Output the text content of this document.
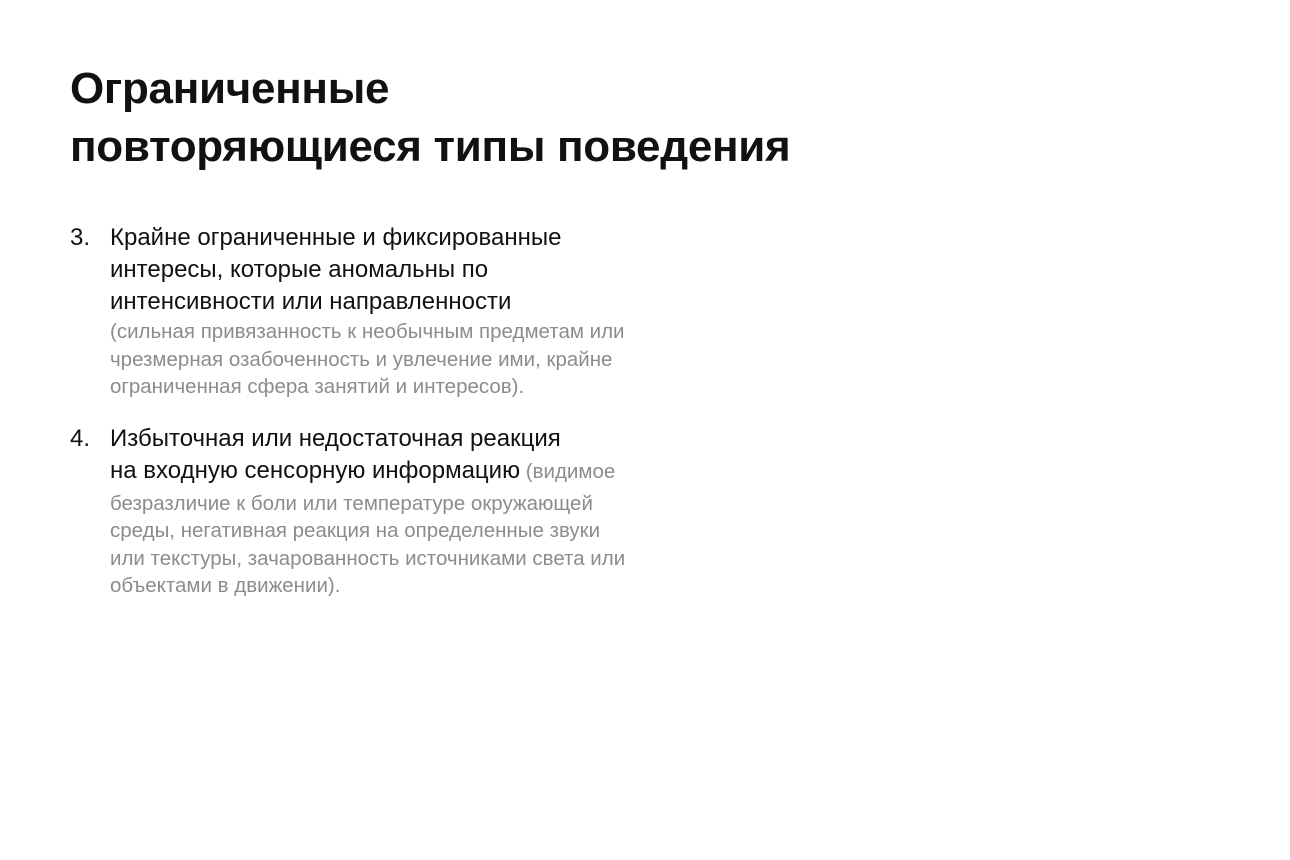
Ограниченные
повторяющиеся типы поведения
3. Крайне ограниченные и фиксированные
интересы, которые аномальны по
интенсивности или направленности
(сильная привязанность к необычным предметам или
чрезмерная озабоченность и увлечение ими, крайне
ограниченная сфера занятий и интересов).
4. Избыточная или недостаточная реакция
на входную сенсорную информацию (видимое
безразличие к боли или температуре окружающей
среды, негативная реакция на определенные звуки
или текстуры, зачарованность источниками света или
объектами в движении).
